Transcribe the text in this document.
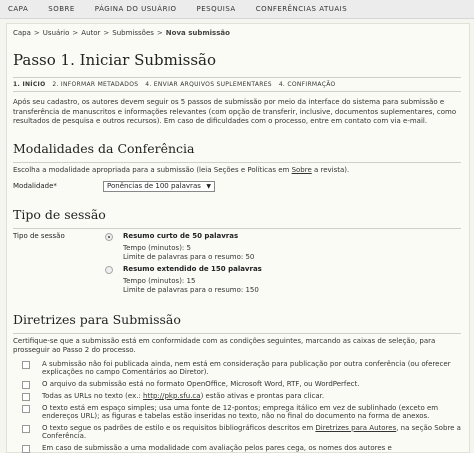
CAPA	SOBRE	PÁGINA DO USUÁRIO	PESQUISA	CONFERÊNCIAS ATUAIS
Capa > Usuário > Autor > Submissões > Nova submissão
Passo 1. Iniciar Submissão
1. INÍCIO 2. INFORMAR METADADOS 4. ENVIAR ARQUIVOS SUPLEMENTARES 4. CONFIRMAÇÃO

Após seu cadastro, os autores devem seguir os 5 passos de submissão por meio da interface do sistema para submissão e transferência de manuscritos e informações relevantes (com opção de transferir, inclusive, documentos suplementares, como resultados de pesquisa e outros recursos). Em caso de dificuldades com o processo, entre em contato com via e-mail.

Modalidades da Conferência
Escolha a modalidade apropriada para a submissão (leia Seções e Políticas em Sobre a revista).
Modalidade*	Ponências de 100 palavras ▼
Tipo de sessão
Tipo de sessão	Resumo curto de 50 palavras
Tempo (minutos): 5
Limite de palavras para o resumo: 50
Resumo extendido de 150 palavras
Tempo (minutos): 15
Limite de palavras para o resumo: 150
Diretrizes para Submissão
Certifique-se que a submissão está em conformidade com as condições seguintes, marcando as caixas de seleção, para prosseguir ao Passo 2 do processo.
A submissão não foi publicada ainda, nem está em consideração para publicação por outra conferência (ou oferecer explicações no campo Comentários ao Diretor).
O arquivo da submissão está no formato OpenOffice, Microsoft Word, RTF, ou WordPerfect.
Todas as URLs no texto (ex.: http://pkp.sfu.ca) estão ativas e prontas para clicar.
O texto está em espaço simples; usa uma fonte de 12-pontos; emprega itálico em vez de sublinhado (exceto em endereços URL); as figuras e tabelas estão inseridas no texto, não no final do documento na forma de anexos.
O texto segue os padrões de estilo e os requisitos bibliográficos descritos em Diretrizes para Autores, na seção Sobre a Conferência.
Em caso de submissão a uma modalidade com avaliação pelos pares cega, os nomes dos autores e
